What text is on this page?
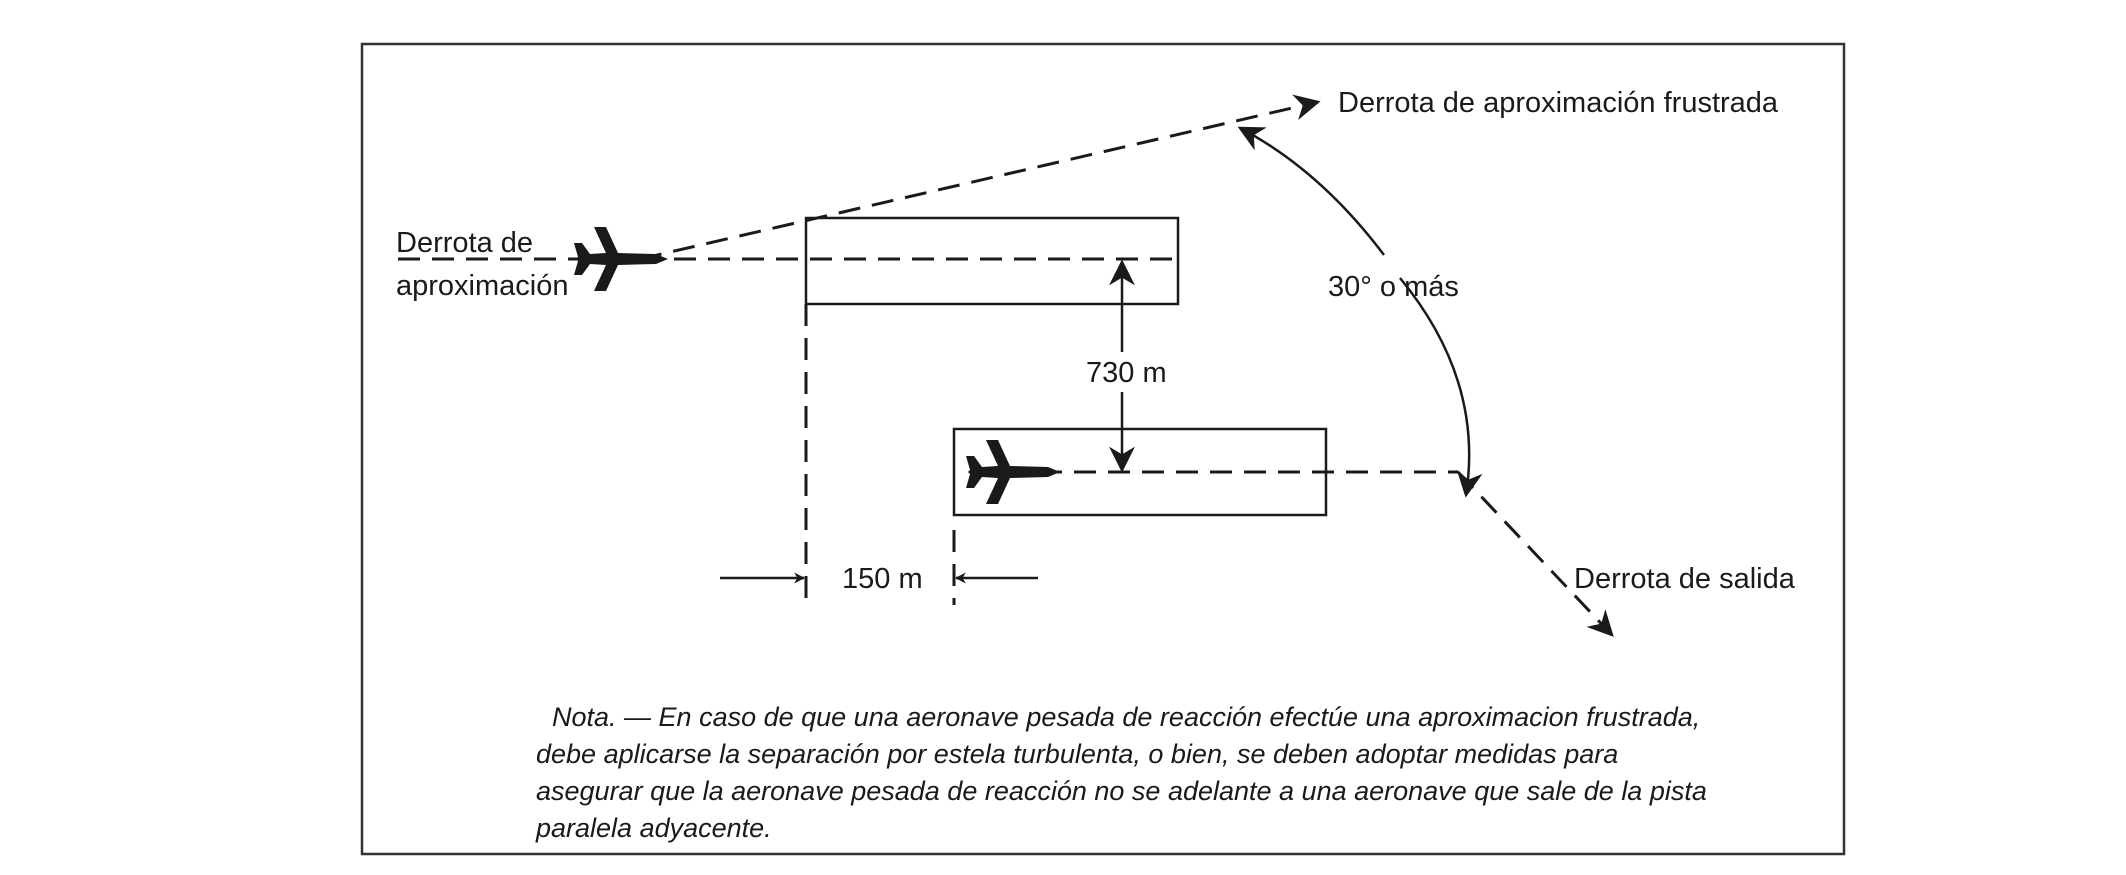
Derrota de aproximación frustrada
Derrota de
aproximación	30° o más
730 m
150 m	Derrota de salida
Nota. — En caso de que una aeronave pesada de reacción efectúe una aproximacion frustrada,
debe aplicarse la separación por estela turbulenta, o bien, se deben adoptar medidas para
asegurar que la aeronave pesada de reacción no se adelante a una aeronave que sale de la pista
paralela adyacente.
